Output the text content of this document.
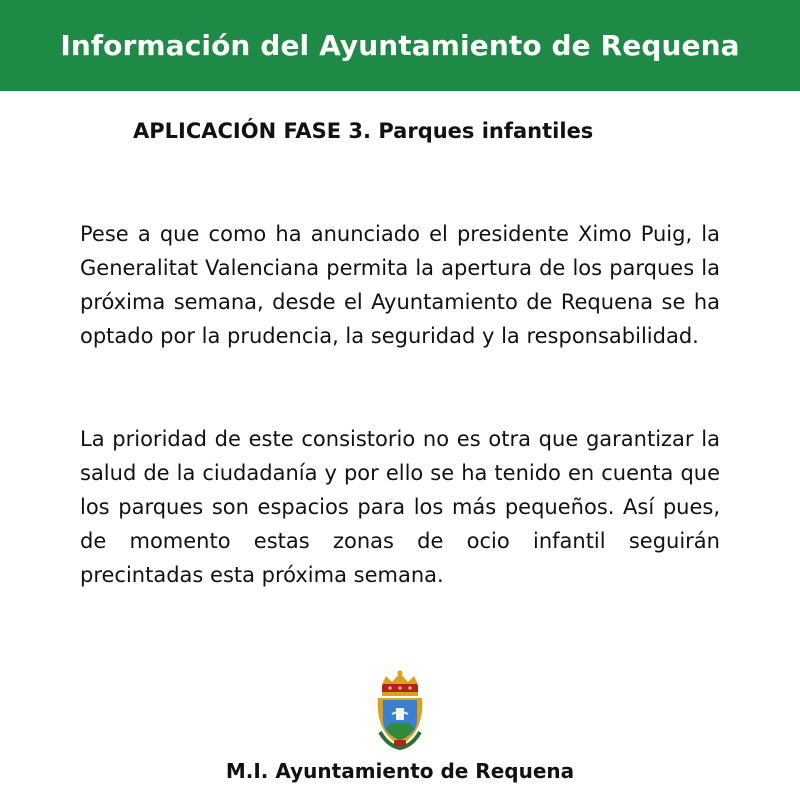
Información del Ayuntamiento de Requena
APLICACIÓN FASE 3. Parques infantiles

Pese a que como ha anunciado el presidente Ximo Puig, la Generalitat Valenciana permita la apertura de los parques la próxima semana, desde el Ayuntamiento de Requena se ha optado por la prudencia, la seguridad y la responsabilidad.

La prioridad de este consistorio no es otra que garantizar la salud de la ciudadanía y por ello se ha tenido en cuenta que los parques son espacios para los más pequeños. Así pues, de momento estas zonas de ocio infantil seguirán precintadas esta próxima semana.

M.I. Ayuntamiento de Requena
